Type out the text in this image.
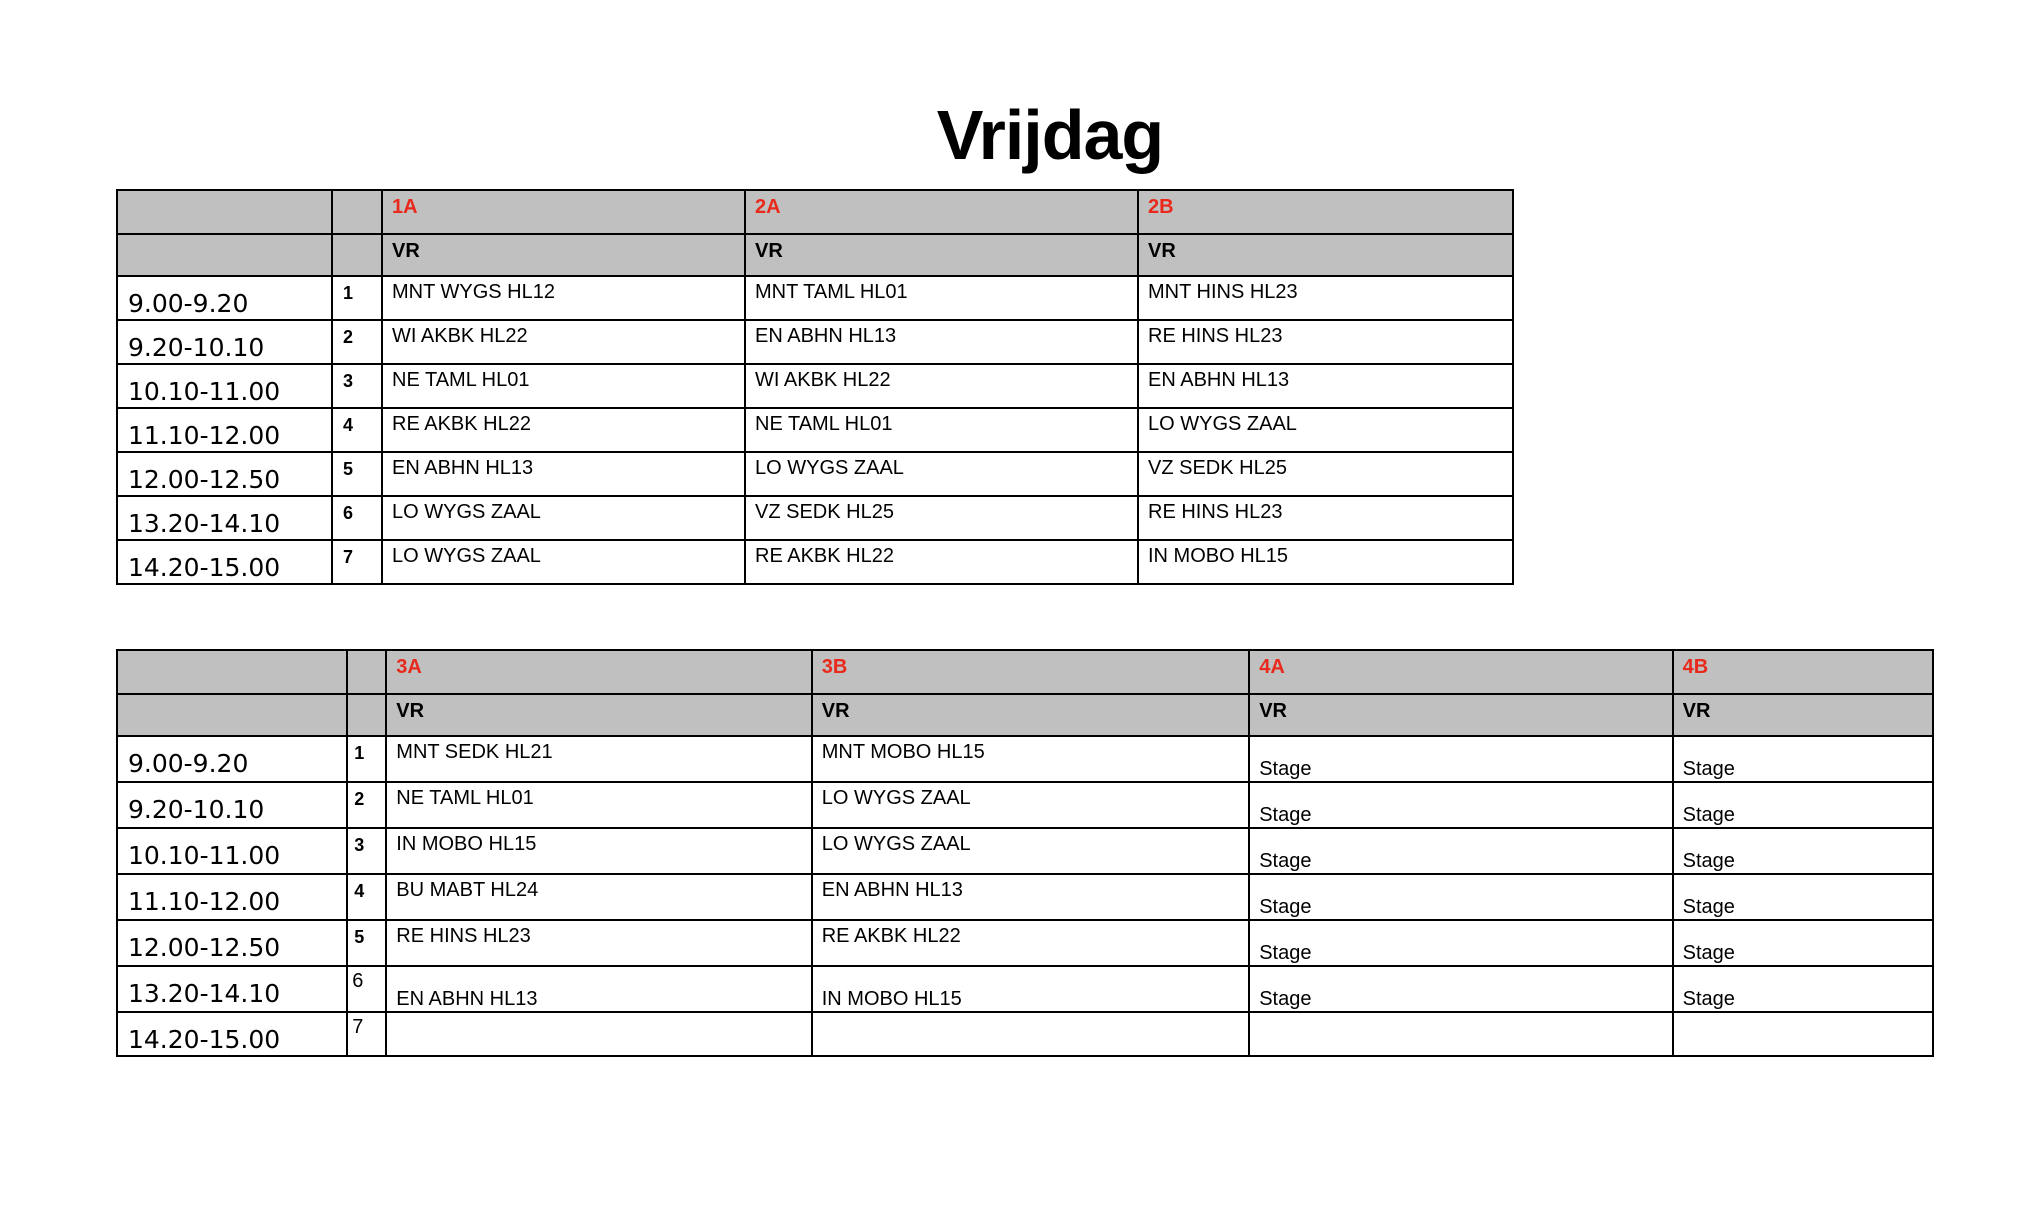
Vrijdag

		1A	2A	2B

		VR	VR	VR

9.00-9.20	1	MNT WYGS HL12	MNT TAML HL01	MNT HINS HL23

9.20-10.10	2	WI AKBK HL22	EN ABHN HL13	RE HINS HL23

10.10-11.00	3	NE TAML HL01	WI AKBK HL22	EN ABHN HL13

11.10-12.00	4	RE AKBK HL22	NE TAML HL01	LO WYGS ZAAL

12.00-12.50	5	EN ABHN HL13	LO WYGS ZAAL	VZ SEDK HL25

13.20-14.10	6	LO WYGS ZAAL	VZ SEDK HL25	RE HINS HL23

14.20-15.00	7	LO WYGS ZAAL	RE AKBK HL22	IN MOBO HL15

		3A	3B	4A	4B

		VR	VR	VR	VR

9.00-9.20	1	MNT SEDK HL21	MNT MOBO HL15	Stage	Stage

9.20-10.10	2	NE TAML HL01	LO WYGS ZAAL	Stage	Stage

10.10-11.00	3	IN MOBO HL15	LO WYGS ZAAL	Stage	Stage

11.10-12.00	4	BU MABT HL24	EN ABHN HL13	Stage	Stage

12.00-12.50	5	RE HINS HL23	RE AKBK HL22	Stage	Stage

13.20-14.10	6	EN ABHN HL13	IN MOBO HL15	Stage	Stage

14.20-15.00	7				
